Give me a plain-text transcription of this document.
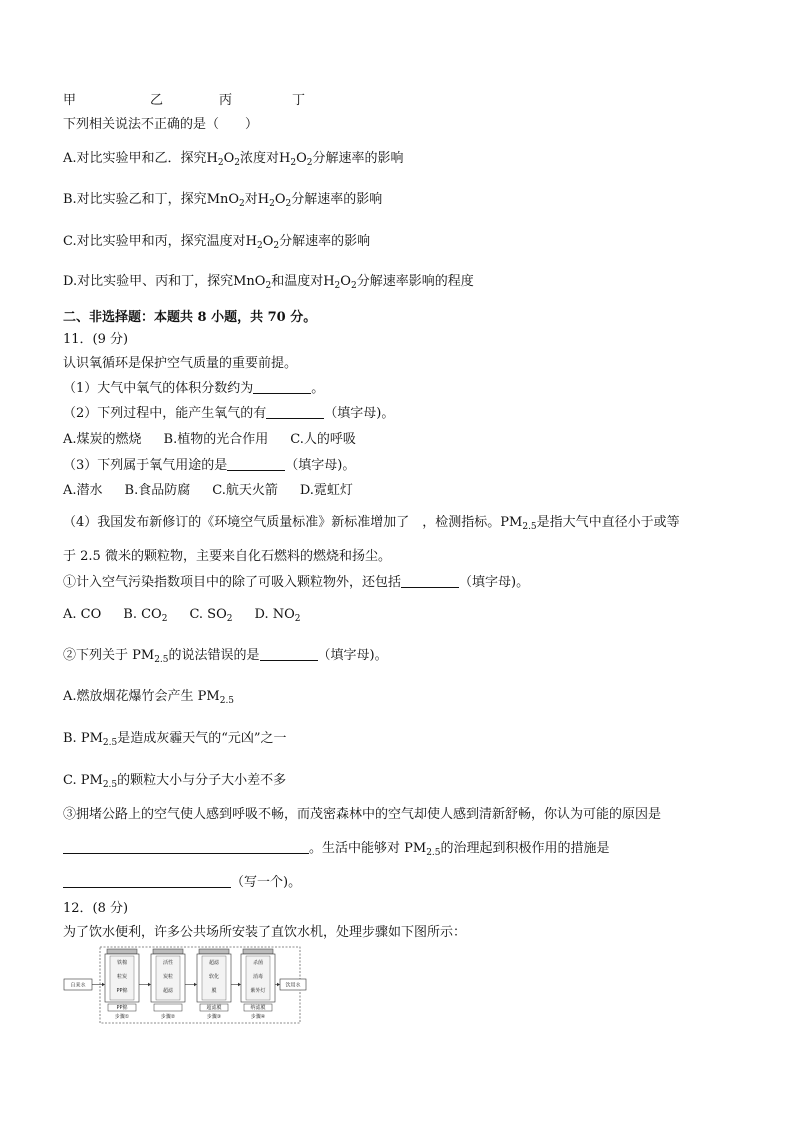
甲	乙	丙	丁
下列相关说法不正确的是（　　）
A.对比实验甲和乙．探究$H_2O_2$浓度对$H_2O_2$分解速率的影响
B.对比实验乙和丁，探究MnO$_2$对$H_2O_2$分解速率的影响
C.对比实验甲和丙，探究温度对$H_2O_2$分解速率的影响
D.对比实验甲、丙和丁，探究MnO$_2$和温度对$H_2O_2$分解速率影响的程度
二、非选择题：本题共 8 小题，共 70 分。
11．(9 分)
认识氧循环是保护空气质量的重要前提。
（1）大气中氧气的体积分数约为	。
（2）下列过程中，能产生氧气的有	（填字母)。
A.煤炭的燃烧 B.植物的光合作用 C.人的呼吸
（3）下列属于氧气用途的是	（填字母)。
A.潜水 B.食品防腐 C.航天火箭 D.霓虹灯
（4）我国发布新修订的《环境空气质量标准》新标准增加了　，检测指标。$PM_{2.5}$是指大气中直径小于或等
于 2.5 微米的颗粒物，主要来自化石燃料的燃烧和扬尘。
①计入空气污染指数项目中的除了可吸入颗粒物外，还包括	（填字母)。
A. CO B. $CO_2$ C. $SO_2$ D. $NO_2$
②下列关于 $PM_{2.5}$的说法错误的是	（填字母)。
A.燃放烟花爆竹会产生 $PM_{2.5}$
B. $PM_{2.5}$是造成灰霾天气的“元凶”之一
C. $PM_{2.5}$的颗粒大小与分子大小差不多
③拥堵公路上的空气使人感到呼吸不畅，而茂密森林中的空气却使人感到清新舒畅，你认为可能的原因是
。生活中能够对 $PM_{2.5}$的治理起到积极作用的措施是
（写一个)。
12．(8 分)
为了饮水便利，许多公共场所安装了直饮水机，处理步骤如下图所示：
自来水	饮用水
铁棉
粒炭
PP棉
PP棉
步骤①
活性
炭粒
超滤
步骤②
超滤
软化
膜
超滤膜
步骤③
杀菌
消毒
紫外灯
纳滤膜
步骤④
